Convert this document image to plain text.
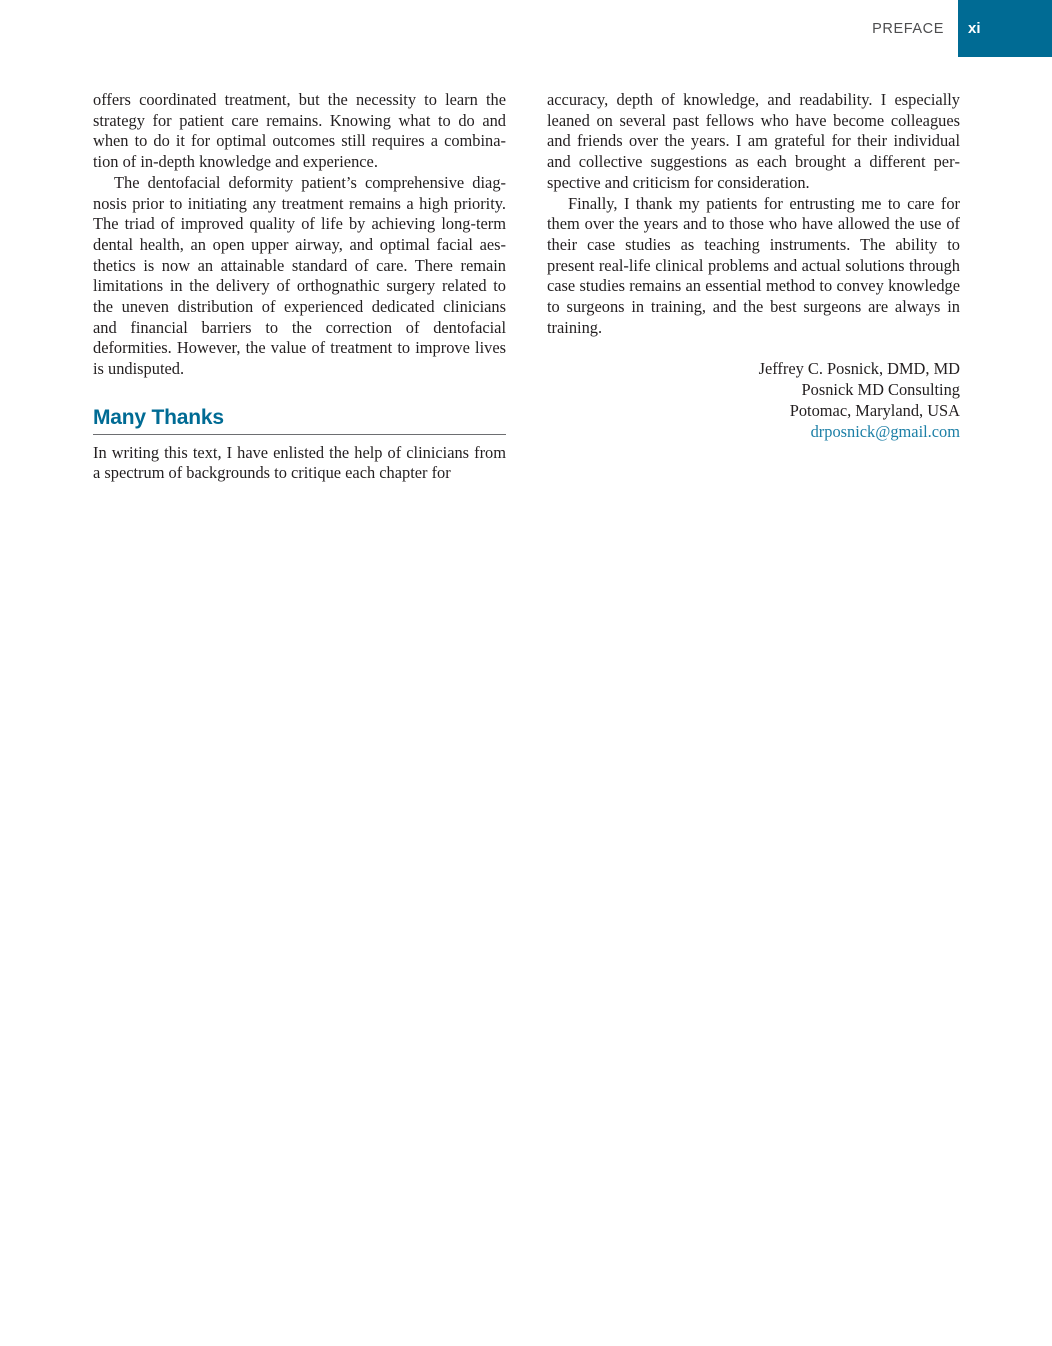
PREFACE	xi

offers coordinated treatment, but the necessity to learn the strategy for patient care remains. Knowing what to do and when to do it for optimal outcomes still requires a combination of in-depth knowledge and experience.

The dentofacial deformity patient’s comprehensive diagnosis prior to initiating any treatment remains a high priority. The triad of improved quality of life by achieving long-term dental health, an open upper airway, and optimal facial aesthetics is now an attainable standard of care. There remain limitations in the delivery of orthognathic surgery related to the uneven distribution of experienced dedicated clinicians and financial barriers to the correction of dentofacial deformities. However, the value of treatment to improve lives is undisputed.

Many Thanks

In writing this text, I have enlisted the help of clinicians from a spectrum of backgrounds to critique each chapter for

accuracy, depth of knowledge, and readability. I especially leaned on several past fellows who have become colleagues and friends over the years. I am grateful for their individual and collective suggestions as each brought a different perspective and criticism for consideration.

Finally, I thank my patients for entrusting me to care for them over the years and to those who have allowed the use of their case studies as teaching instruments. The ability to present real-life clinical problems and actual solutions through case studies remains an essential method to convey knowledge to surgeons in training, and the best surgeons are always in training.

Jeffrey C. Posnick, DMD, MD
Posnick MD Consulting
Potomac, Maryland, USA
drposnick@gmail.com
